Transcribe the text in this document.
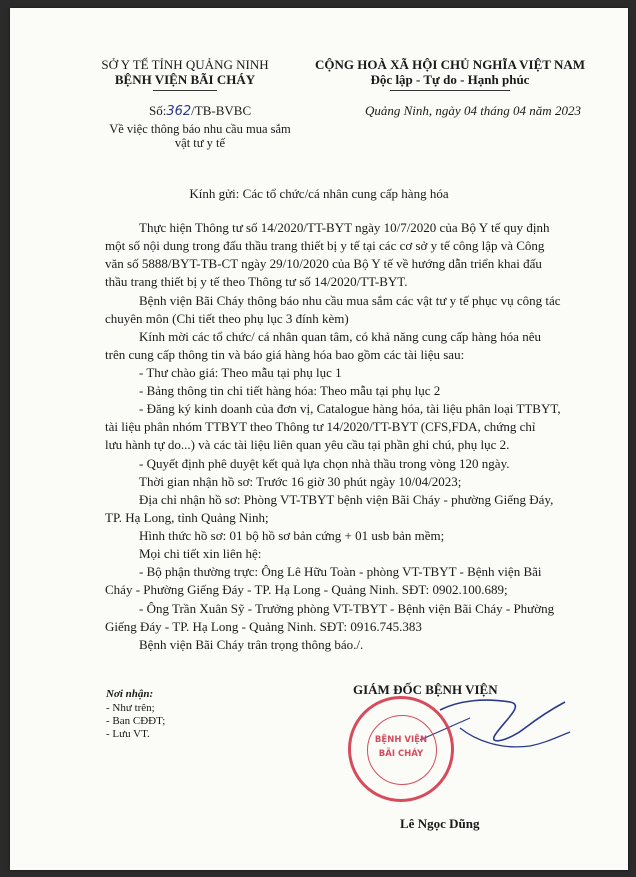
SỞ Y TẾ TỈNH QUẢNG NINH
BỆNH VIỆN BÃI CHÁY
CỘNG HOÀ XÃ HỘI CHỦ NGHĨA VIỆT NAM
Độc lập - Tự do - Hạnh phúc
Số:362/TB-BVBC	Quảng Ninh, ngày 04 tháng 04 năm 2023
Về việc thông báo nhu cầu mua sắm
vật tư y tế
Kính gửi: Các tổ chức/cá nhân cung cấp hàng hóa
Thực hiện Thông tư số 14/2020/TT-BYT ngày 10/7/2020 của Bộ Y tế quy định
một số nội dung trong đấu thầu trang thiết bị y tế tại các cơ sở y tế công lập và Công
văn số 5888/BYT-TB-CT ngày 29/10/2020 của Bộ Y tế về hướng dẫn triển khai đấu
thầu trang thiết bị y tế theo Thông tư số 14/2020/TT-BYT.
Bệnh viện Bãi Cháy thông báo nhu cầu mua sắm các vật tư y tế phục vụ công tác
chuyên môn (Chi tiết theo phụ lục 3 đính kèm)
Kính mời các tổ chức/ cá nhân quan tâm, có khả năng cung cấp hàng hóa nêu
trên cung cấp thông tin và báo giá hàng hóa bao gồm các tài liệu sau:
- Thư chào giá: Theo mẫu tại phụ lục 1
- Bảng thông tin chi tiết hàng hóa: Theo mẫu tại phụ lục 2
- Đăng ký kinh doanh của đơn vị, Catalogue hàng hóa, tài liệu phân loại TTBYT,
tài liệu phân nhóm TTBYT theo Thông tư 14/2020/TT-BYT (CFS,FDA, chứng chỉ
lưu hành tự do...) và các tài liệu liên quan yêu cầu tại phần ghi chú, phụ lục 2.
- Quyết định phê duyệt kết quả lựa chọn nhà thầu trong vòng 120 ngày.
Thời gian nhận hồ sơ: Trước 16 giờ 30 phút ngày 10/04/2023;
Địa chỉ nhận hồ sơ: Phòng VT-TBYT bệnh viện Bãi Cháy - phường Giếng Đáy,
TP. Hạ Long, tỉnh Quảng Ninh;
Hình thức hồ sơ: 01 bộ hồ sơ bản cứng + 01 usb bản mềm;
Mọi chi tiết xin liên hệ:
- Bộ phận thường trực: Ông Lê Hữu Toàn - phòng VT-TBYT - Bệnh viện Bãi
Cháy - Phường Giếng Đáy - TP. Hạ Long - Quảng Ninh. SĐT: 0902.100.689;
- Ông Trần Xuân Sỹ - Trưởng phòng VT-TBYT - Bệnh viện Bãi Cháy - Phường
Giếng Đáy - TP. Hạ Long - Quảng Ninh. SĐT: 0916.745.383
Bệnh viện Bãi Cháy trân trọng thông báo./.
Nơi nhận:
- Như trên;
- Ban CĐĐT;
- Lưu VT.
GIÁM ĐỐC BỆNH VIỆN
BỆNH VIỆN
BÃI CHÁY
Lê Ngọc Dũng
